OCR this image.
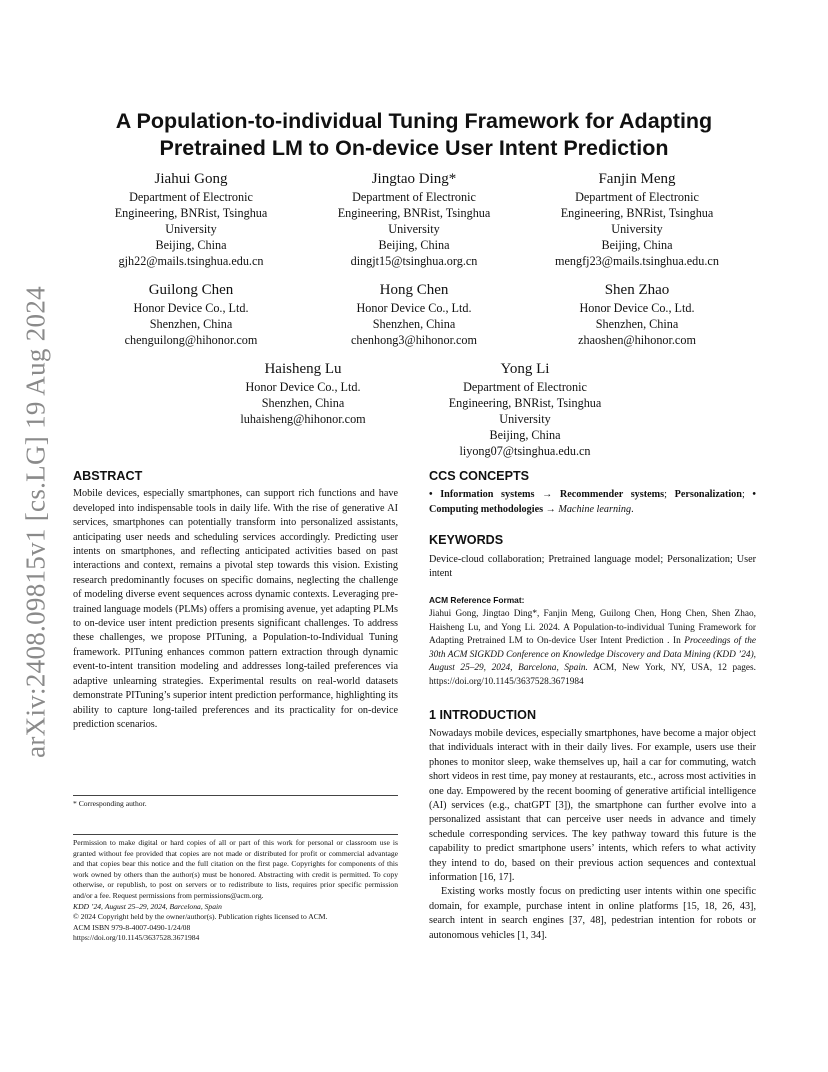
arXiv:2408.09815v1 [cs.LG] 19 Aug 2024
A Population-to-individual Tuning Framework for Adapting
Pretrained LM to On-device User Intent Prediction
Jiahui Gong
Department of Electronic
Engineering, BNRist, Tsinghua
University
Beijing, China
gjh22@mails.tsinghua.edu.cn
Jingtao Ding*
Department of Electronic
Engineering, BNRist, Tsinghua
University
Beijing, China
dingjt15@tsinghua.org.cn
Fanjin Meng
Department of Electronic
Engineering, BNRist, Tsinghua
University
Beijing, China
mengfj23@mails.tsinghua.edu.cn
Guilong Chen
Honor Device Co., Ltd.
Shenzhen, China
chenguilong@hihonor.com
Hong Chen
Honor Device Co., Ltd.
Shenzhen, China
chenhong3@hihonor.com
Shen Zhao
Honor Device Co., Ltd.
Shenzhen, China
zhaoshen@hihonor.com
Haisheng Lu
Honor Device Co., Ltd.
Shenzhen, China
luhaisheng@hihonor.com
Yong Li
Department of Electronic
Engineering, BNRist, Tsinghua
University
Beijing, China
liyong07@tsinghua.edu.cn
ABSTRACT

Mobile devices, especially smartphones, can support rich functions and have developed into indispensable tools in daily life. With the rise of generative AI services, smartphones can potentially transform into personalized assistants, anticipating user needs and scheduling services accordingly. Predicting user intents on smartphones, and reflecting anticipated activities based on past interactions and context, remains a pivotal step towards this vision. Existing research predominantly focuses on specific domains, neglecting the challenge of modeling diverse event sequences across dynamic contexts. Leveraging pre-trained language models (PLMs) offers a promising avenue, yet adapting PLMs to on-device user intent prediction presents significant challenges. To address these challenges, we propose PITuning, a Population-to-Individual Tuning framework. PITuning enhances common pattern extraction through dynamic event-to-intent transition modeling and addresses long-tailed preferences via adaptive unlearning strategies. Experimental results on real-world datasets demonstrate PITuning’s superior intent prediction performance, highlighting its ability to capture long-tailed preferences and its practicality for on-device prediction scenarios.

* Corresponding author.
Permission to make digital or hard copies of all or part of this work for personal or classroom use is granted without fee provided that copies are not made or distributed for profit or commercial advantage and that copies bear this notice and the full citation on the first page. Copyrights for components of this work owned by others than the author(s) must be honored. Abstracting with credit is permitted. To copy otherwise, or republish, to post on servers or to redistribute to lists, requires prior specific permission and/or a fee. Request permissions from permissions@acm.org.
KDD ’24, August 25–29, 2024, Barcelona, Spain
© 2024 Copyright held by the owner/author(s). Publication rights licensed to ACM.
ACM ISBN 979-8-4007-0490-1/24/08
https://doi.org/10.1145/3637528.3671984
CCS CONCEPTS

• Information systems → Recommender systems; Personalization; • Computing methodologies → Machine learning.

KEYWORDS

Device-cloud collaboration; Pretrained language model; Personalization; User intent

ACM Reference Format:
Jiahui Gong, Jingtao Ding*, Fanjin Meng, Guilong Chen, Hong Chen, Shen Zhao, Haisheng Lu, and Yong Li. 2024. A Population-to-individual Tuning Framework for Adapting Pretrained LM to On-device User Intent Prediction . In Proceedings of the 30th ACM SIGKDD Conference on Knowledge Discovery and Data Mining (KDD ’24), August 25–29, 2024, Barcelona, Spain. ACM, New York, NY, USA, 12 pages. https://doi.org/10.1145/3637528.3671984
1 INTRODUCTION

Nowadays mobile devices, especially smartphones, have become a major object that individuals interact with in their daily lives. For example, users use their phones to monitor sleep, wake themselves up, hail a car for commuting, watch short videos in rest time, pay money at restaurants, etc., across most activities in one day. Empowered by the recent booming of generative artificial intelligence (AI) services (e.g., chatGPT [3]), the smartphone can further evolve into a personalized assistant that can perceive user needs in advance and timely schedule corresponding services. The key pathway toward this future is the capability to predict smartphone users’ intents, which refers to what activity they intend to do, based on their previous action sequences and contextual information [16, 17].

Existing works mostly focus on predicting user intents within one specific domain, for example, purchase intent in online platforms [15, 18, 26, 43], search intent in search engines [37, 48], pedestrian intention for robots or autonomous vehicles [1, 34].
